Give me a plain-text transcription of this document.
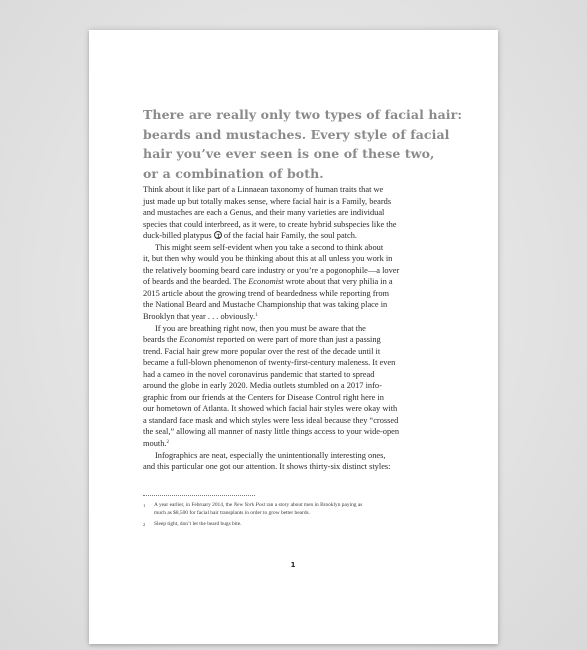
There are really only two types of facial hair:
beards and mustaches. Every style of facial
hair you’ve ever seen is one of these two,
or a combination of both.
Think about it like part of a Linnaean taxonomy of human traits that we
just made up but totally makes sense, where facial hair is a Family, beards
and mustaches are each a Genus, and their many varieties are individual
species that could interbreed, as it were, to create hybrid subspecies like the
duck-billed platypus of the facial hair Family, the soul patch.
This might seem self-evident when you take a second to think about
it, but then why would you be thinking about this at all unless you work in
the relatively booming beard care industry or you’re a pogonophile—a lover
of beards and the bearded. The Economist wrote about that very philia in a
2015 article about the growing trend of beardedness while reporting from
the National Beard and Mustache Championship that was taking place in
Brooklyn that year . . . obviously.$^1$
If you are breathing right now, then you must be aware that the
beards the Economist reported on were part of more than just a passing
trend. Facial hair grew more popular over the rest of the decade until it
became a full-blown phenomenon of twenty-first-century maleness. It even
had a cameo in the novel coronavirus pandemic that started to spread
around the globe in early 2020. Media outlets stumbled on a 2017 info-
graphic from our friends at the Centers for Disease Control right here in
our hometown of Atlanta. It showed which facial hair styles were okay with
a standard face mask and which styles were less ideal because they “crossed
the seal,” allowing all manner of nasty little things access to your wide-open
mouth.$^2$
Infographics are neat, especially the unintentionally interesting ones,
and this particular one got our attention. It shows thirty-six distinct styles:
1 A year earlier, in February 2014, the New York Post ran a story about men in Brooklyn paying as
much as $8,500 for facial hair transplants in order to grow better beards.
2 Sleep tight, don’t let the beard bugs bite.
1
